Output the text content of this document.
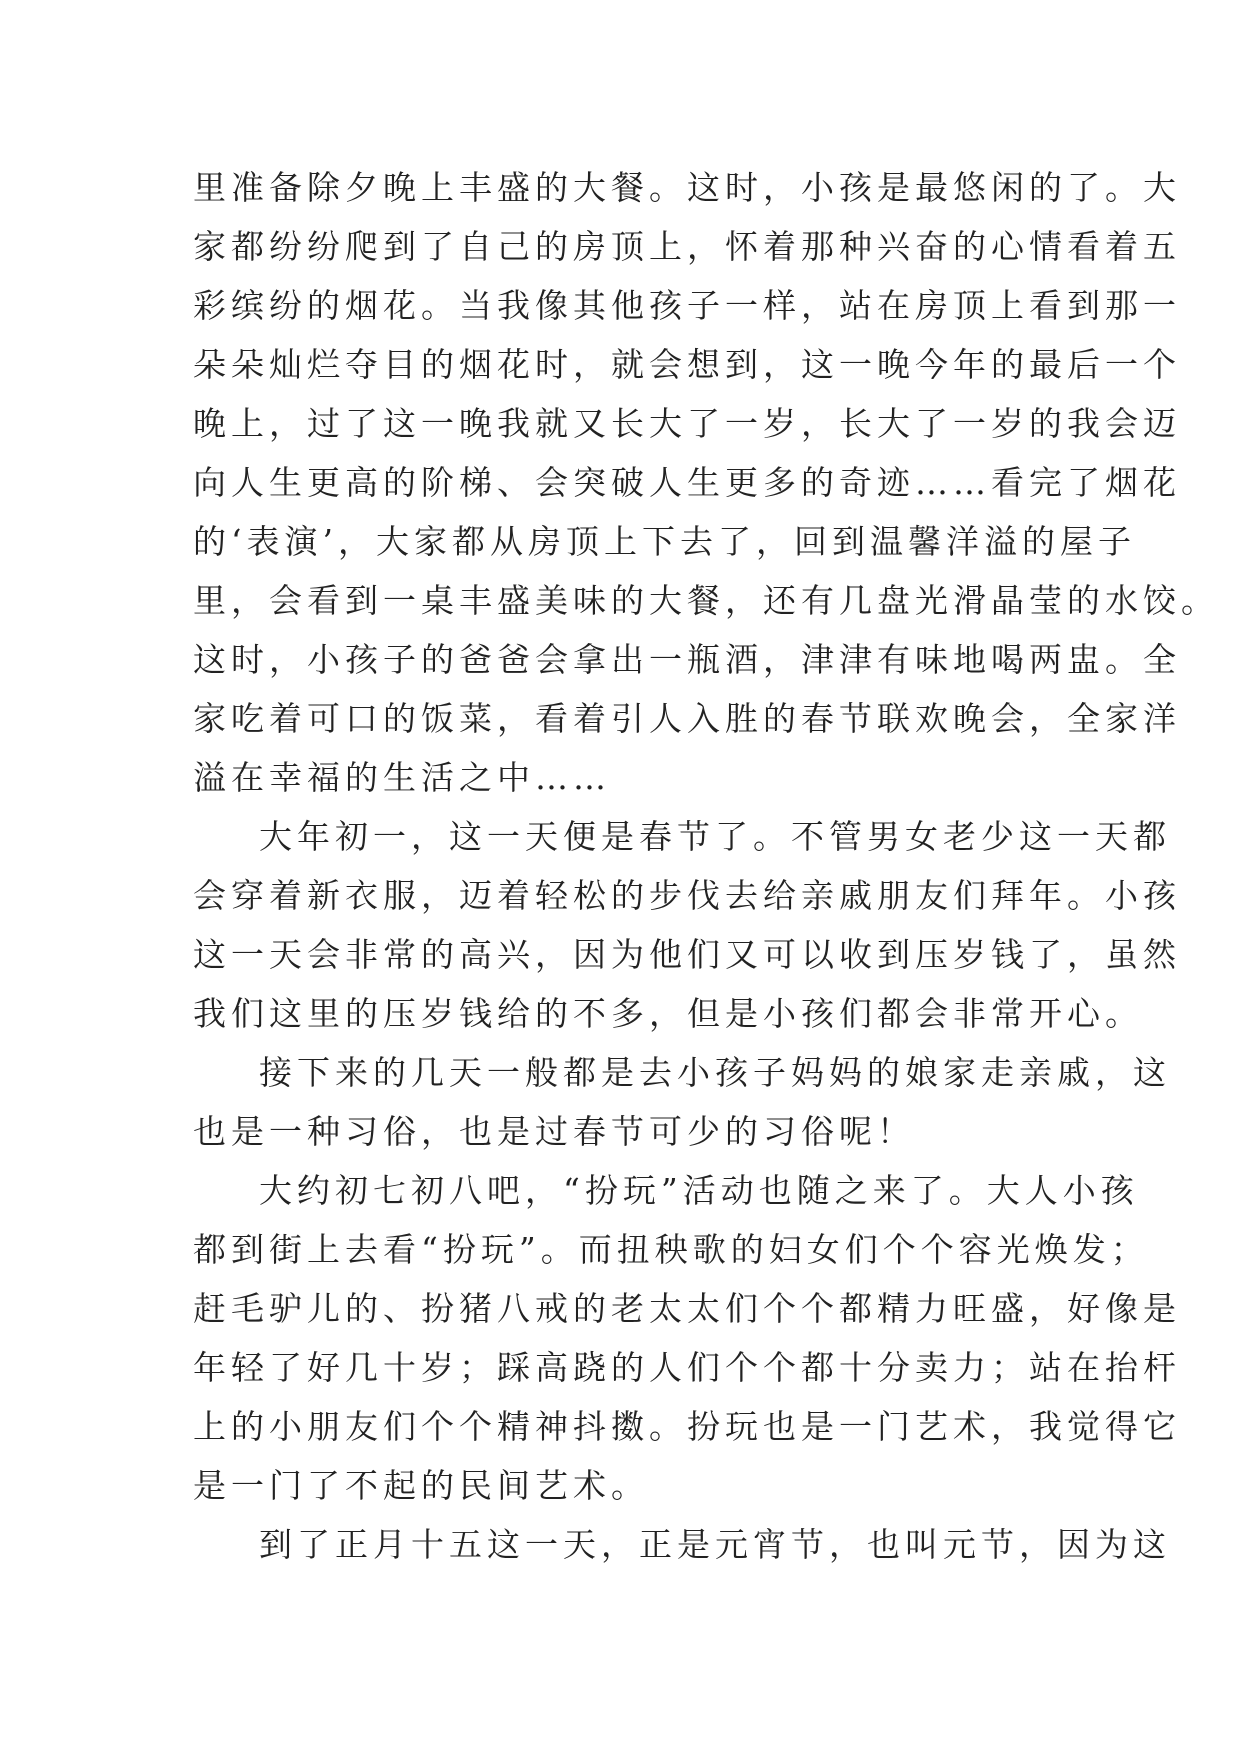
里准备除夕晚上丰盛的大餐。这时，小孩是最悠闲的了。大
家都纷纷爬到了自己的房顶上，怀着那种兴奋的心情看着五
彩缤纷的烟花。当我像其他孩子一样，站在房顶上看到那一
朵朵灿烂夺目的烟花时，就会想到，这一晚今年的最后一个
晚上，过了这一晚我就又长大了一岁，长大了一岁的我会迈
向人生更高的阶梯、会突破人生更多的奇迹……看完了烟花
的‘表演’，大家都从房顶上下去了，回到温馨洋溢的屋子
里，会看到一桌丰盛美味的大餐，还有几盘光滑晶莹的水饺。
这时，小孩子的爸爸会拿出一瓶酒，津津有味地喝两盅。全
家吃着可口的饭菜，看着引人入胜的春节联欢晚会，全家洋
溢在幸福的生活之中……
大年初一，这一天便是春节了。不管男女老少这一天都
会穿着新衣服，迈着轻松的步伐去给亲戚朋友们拜年。小孩
这一天会非常的高兴，因为他们又可以收到压岁钱了，虽然
我们这里的压岁钱给的不多，但是小孩们都会非常开心。
接下来的几天一般都是去小孩子妈妈的娘家走亲戚，这
也是一种习俗，也是过春节可少的习俗呢！
大约初七初八吧，“扮玩”活动也随之来了。大人小孩
都到街上去看“扮玩”。而扭秧歌的妇女们个个容光焕发；
赶毛驴儿的、扮猪八戒的老太太们个个都精力旺盛，好像是
年轻了好几十岁；踩高跷的人们个个都十分卖力；站在抬杆
上的小朋友们个个精神抖擞。扮玩也是一门艺术，我觉得它
是一门了不起的民间艺术。
到了正月十五这一天，正是元宵节，也叫元节，因为这
